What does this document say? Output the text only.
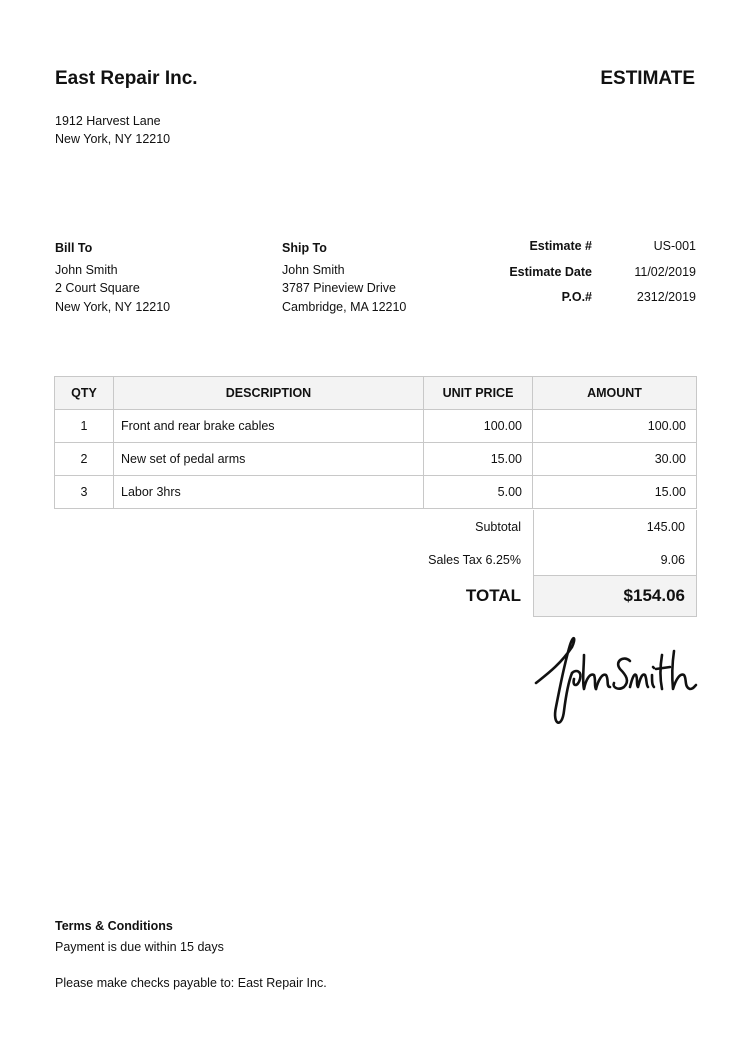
East Repair Inc.	ESTIMATE
1912 Harvest Lane
New York, NY 12210
Bill To
John Smith
2 Court Square
New York, NY 12210
Ship To
John Smith
3787 Pineview Drive
Cambridge, MA 12210
Estimate #	US-001
Estimate Date	11/02/2019
P.O.#	2312/2019
QTY	DESCRIPTION	UNIT PRICE	AMOUNT
1	Front and rear brake cables	100.00	100.00
2	New set of pedal arms	15.00	30.00
3	Labor 3hrs	5.00	15.00
Subtotal	145.00
Sales Tax 6.25%	9.06
TOTAL	$154.06
Terms & Conditions
Payment is due within 15 days
Please make checks payable to: East Repair Inc.
